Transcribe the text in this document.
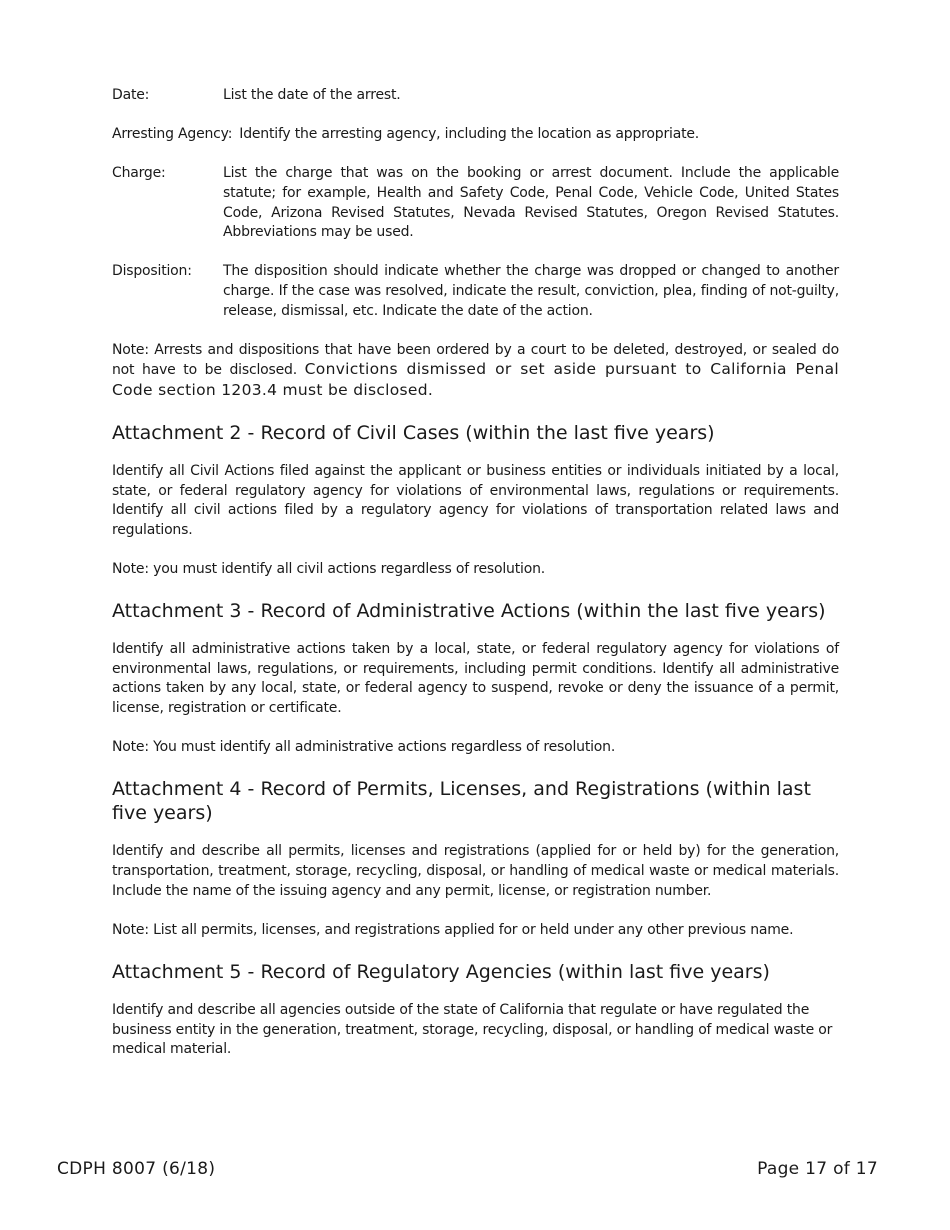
Date:	List the date of the arrest.
Arresting Agency: Identify the arresting agency, including the location as appropriate.
Charge:	List the charge that was on the booking or arrest document. Include the applicable statute; for example, Health and Safety Code, Penal Code, Vehicle Code, United States Code, Arizona Revised Statutes, Nevada Revised Statutes, Oregon Revised Statutes. Abbreviations may be used.
Disposition:	The disposition should indicate whether the charge was dropped or changed to another charge. If the case was resolved, indicate the result, conviction, plea, finding of not-guilty, release, dismissal, etc. Indicate the date of the action.

Note: Arrests and dispositions that have been ordered by a court to be deleted, destroyed, or sealed do not have to be disclosed. Convictions dismissed or set aside pursuant to California Penal Code section 1203.4 must be disclosed.

Attachment 2 - Record of Civil Cases (within the last five years)

Identify all Civil Actions filed against the applicant or business entities or individuals initiated by a local, state, or federal regulatory agency for violations of environmental laws, regulations or requirements. Identify all civil actions filed by a regulatory agency for violations of transportation related laws and regulations.

Note: you must identify all civil actions regardless of resolution.

Attachment 3 - Record of Administrative Actions (within the last five years)

Identify all administrative actions taken by a local, state, or federal regulatory agency for violations of environmental laws, regulations, or requirements, including permit conditions. Identify all administrative actions taken by any local, state, or federal agency to suspend, revoke or deny the issuance of a permit, license, registration or certificate.

Note: You must identify all administrative actions regardless of resolution.

Attachment 4 - Record of Permits, Licenses, and Registrations (within last five years)

Identify and describe all permits, licenses and registrations (applied for or held by) for the generation, transportation, treatment, storage, recycling, disposal, or handling of medical waste or medical materials. Include the name of the issuing agency and any permit, license, or registration number.

Note: List all permits, licenses, and registrations applied for or held under any other previous name.

Attachment 5 - Record of Regulatory Agencies (within last five years)

Identify and describe all agencies outside of the state of California that regulate or have regulated the business entity in the generation, treatment, storage, recycling, disposal, or handling of medical waste or medical material.

CDPH 8007 (6/18)	Page 17 of 17
